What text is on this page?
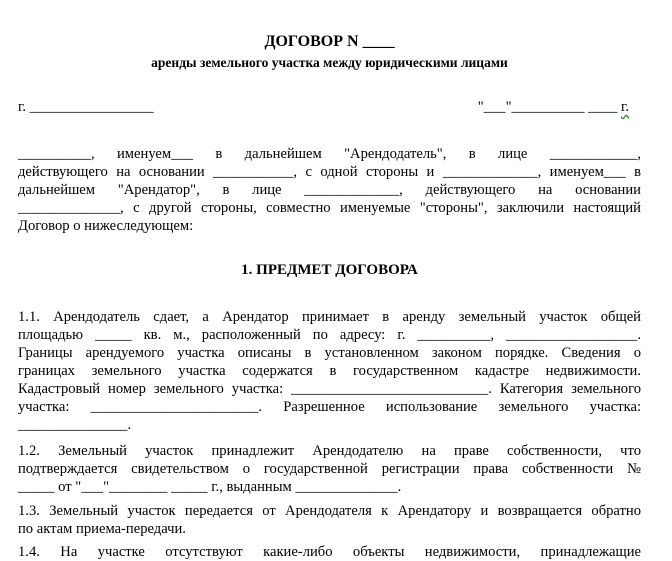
ДОГОВОР N ____
аренды земельного участка между юридическими лицами
г. _________________	"___"__________ ____ г.
__________, именуем___ в дальнейшем "Арендодатель", в лице ____________,
действующего на основании ___________, с одной стороны и _____________, именуем___ в
дальнейшем "Арендатор", в лице _____________, действующего на основании
______________, с другой стороны, совместно именуемые "стороны", заключили настоящий
Договор о нижеследующем:
1. ПРЕДМЕТ ДОГОВОРА
1.1. Арендодатель сдает, а Арендатор принимает в аренду земельный участок общей
площадью _____ кв. м., расположенный по адресу: г. __________, __________________.
Границы арендуемого участка описаны в установленном законом порядке. Сведения о
границах земельного участка содержатся в государственном кадастре недвижимости.
Кадастровый номер земельного участка: ___________________________. Категория земельного
участка: _______________________. Разрешенное использование земельного участка:
_______________.
1.2. Земельный участок принадлежит Арендодателю на праве собственности, что
подтверждается свидетельством о государственной регистрации права собственности №
_____ от "___"________ _____ г., выданным ______________.
1.3. Земельный участок передается от Арендодателя к Арендатору и возвращается обратно
по актам приема-передачи.
1.4. На участке отсутствуют какие-либо объекты недвижимости, принадлежащие
